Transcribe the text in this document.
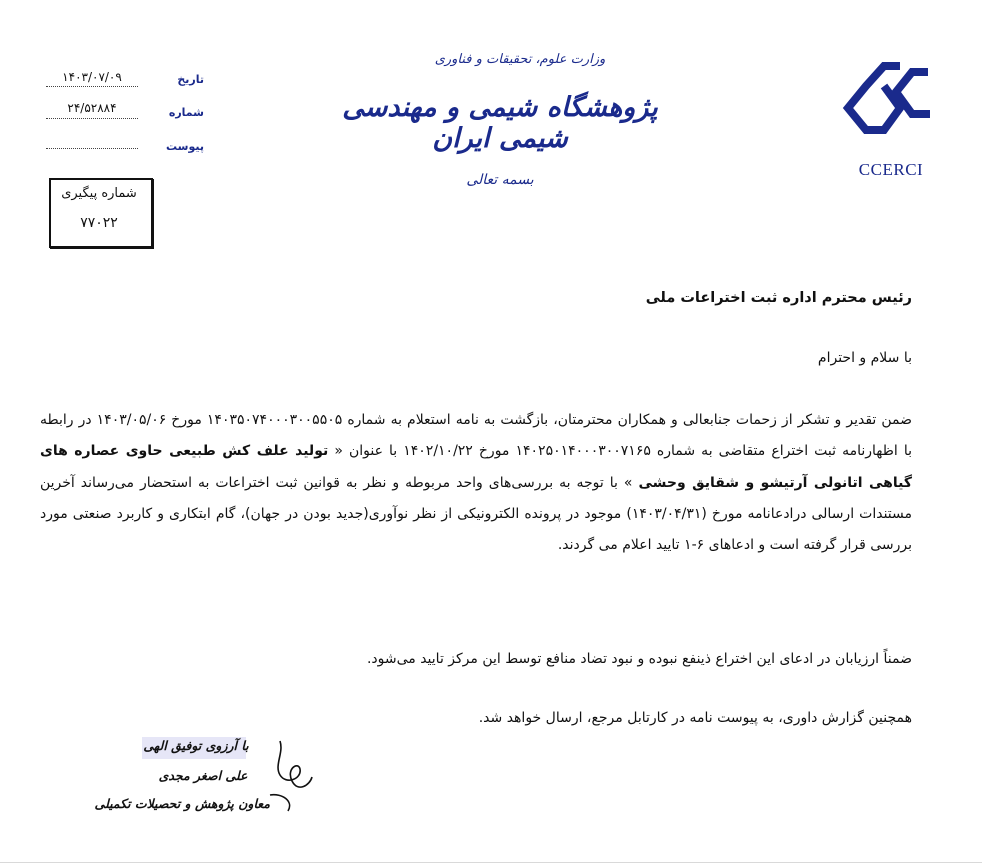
CCERCI
وزارت علوم، تحقیقات و فناوری
پژوهشگاه شیمی و مهندسی شیمی ایران
بسمه تعالی
تاریخ
۱۴۰۳/۰۷/۰۹
شماره
۲۴/۵۲۸۸۴
پیوست
شماره پیگیری
۷۷۰۲۲
رئیس محترم اداره ثبت اختراعات ملی
با سلام و احترام
ضمن تقدیر و تشکر از زحمات جنابعالی و همکاران محترمتان، بازگشت به نامه استعلام به شماره ۱۴۰۳۵۰۷۴۰۰۰۳۰۰۵۵۰۵ مورخ ۱۴۰۳/۰۵/۰۶ در رابطه با اظهارنامه ثبت اختراع متقاضی به شماره ۱۴۰۲۵۰۱۴۰۰۰۳۰۰۷۱۶۵ مورخ ۱۴۰۲/۱۰/۲۲ با عنوان « تولید علف کش طبیعی حاوی عصاره های گیاهی اتانولی آرتیشو و شقایق وحشی » با توجه به بررسی‌های واحد مربوطه و نظر به قوانین ثبت اختراعات به استحضار می‌رساند آخرین مستندات ارسالی درادعانامه مورخ (۱۴۰۳/۰۴/۳۱) موجود در پرونده الکترونیکی از نظر نوآوری(جدید بودن در جهان)، گام ابتکاری و کاربرد صنعتی مورد بررسی قرار گرفته است و ادعاهای ۶-۱ تایید اعلام می گردند.
ضمناً ارزیابان در ادعای این اختراع ذینفع نبوده و نبود تضاد منافع توسط این مرکز تایید می‌شود.
همچنین گزارش داوری، به پیوست نامه در کارتابل مرجع، ارسال خواهد شد.
با آرزوی توفیق الهی
علی اصغر مجدی
معاون پژوهش و تحصیلات تکمیلی
